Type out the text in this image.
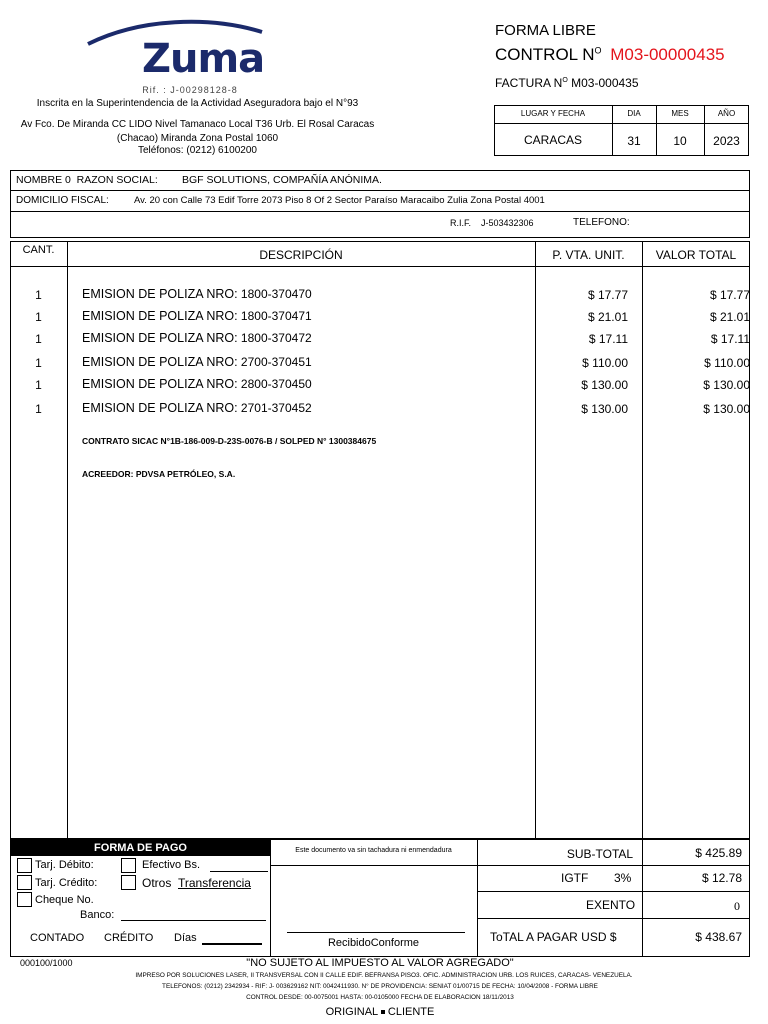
Zuma
Rif. : J-00298128-8
Inscrita en la Superintendencia de la Actividad Aseguradora bajo el N°93
Av Fco. De Miranda CC LIDO Nivel Tamanaco Local T36 Urb. El Rosal Caracas
(Chacao) Miranda Zona Postal 1060
Teléfonos: (0212) 6100200
FORMA LIBRE
CONTROL $N^O$ M03-00000435
FACTURA $N^O$ M03-000435
LUGAR Y FECHA	DIA	MES	AÑO
CARACAS	31	10	2023
NOMBRE 0  RAZON SOCIAL: BGF SOLUTIONS, COMPAÑÍA ANÓNIMA.
DOMICILIO FISCAL:	Av. 20 con Calle 73 Edif Torre 2073 Piso 8 Of 2 Sector Paraíso Maracaibo Zulia Zona Postal 4001
R.I.F. J-503432306	TELEFONO:
CANT.	DESCRIPCIÓN	P. VTA. UNIT.	VALOR TOTAL
1	EMISION DE POLIZA NRO: 1800-370470	$ 17.77	$ 17.77
1	EMISION DE POLIZA NRO: 1800-370471	$ 21.01	$ 21.01
1	EMISION DE POLIZA NRO: 1800-370472	$ 17.11	$ 17.11
1	EMISION DE POLIZA NRO: 2700-370451	$ 110.00	$ 110.00
1	EMISION DE POLIZA NRO: 2800-370450	$ 130.00	$ 130.00
1	EMISION DE POLIZA NRO: 2701-370452	$ 130.00	$ 130.00
CONTRATO SICAC N°1B-186-009-D-23S-0076-B / SOLPED N° 1300384675
ACREEDOR: PDVSA PETRÓLEO, S.A.
FORMA DE PAGO
Tarj. Débito:	Efectivo Bs.
Tarj. Crédito:	Otros Transferencia
Cheque No.
Banco:
CONTADO CRÉDITO Días
Este documento va sin tachadura ni enmendadura
RecibidoConforme
SUB-TOTAL	$ 425.89
IGTF 3%	$ 12.78
EXENTO	0
ToTAL A PAGAR USD $	$ 438.67
000100/1000	"NO SUJETO AL IMPUESTO AL VALOR AGREGADO"
IMPRESO POR SOLUCIONES LASER, II TRANSVERSAL CON II CALLE EDIF. BEFRANSA PISO3. OFIC. ADMINISTRACION URB. LOS RUICES, CARACAS- VENEZUELA.
TELEFONOS: (0212) 2342934 - RIF: J- 003629162 NIT: 0042411930. N° DE PROVIDENCIA: SENIAT 01/00715 DE FECHA: 10/04/2008 - FORMA LIBRE
CONTROL DESDE: 00-0075001 HASTA: 00-0105000 FECHA DE ELABORACION 18/11/2013
ORIGINAL CLIENTE
